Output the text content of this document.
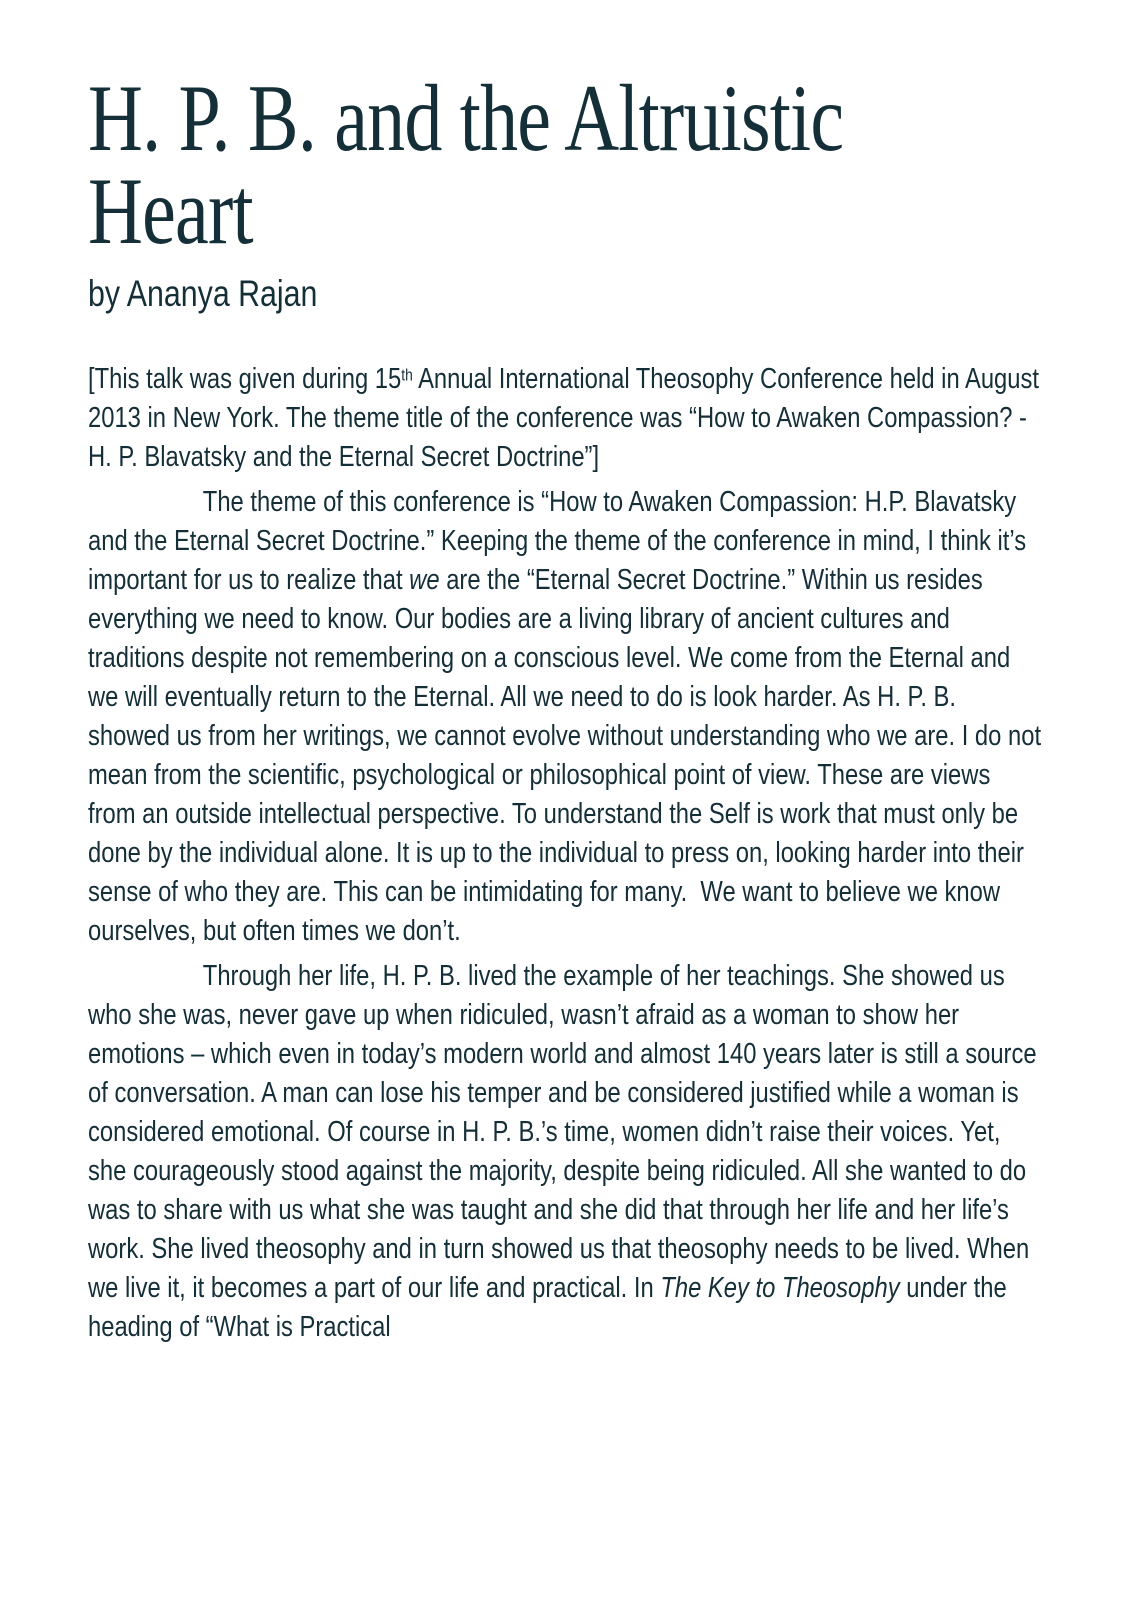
H. P. B. and the Altruistic
Heart
by Ananya Rajan

[This talk was given during 15th Annual International Theosophy Conference held in August 2013 in New York. The theme title of the conference was “How to Awaken Compassion? - H. P. Blavatsky and the Eternal Secret Doctrine”]

The theme of this conference is “How to Awaken Compassion: H.P. Blavatsky and the Eternal Secret Doctrine.” Keeping the theme of the conference in mind, I think it’s important for us to realize that we are the “Eternal Secret Doctrine.” Within us resides everything we need to know. Our bodies are a living library of ancient cultures and traditions despite not remembering on a conscious level. We come from the Eternal and we will eventually return to the Eternal. All we need to do is look harder. As H. P. B. showed us from her writings, we cannot evolve without understanding who we are. I do not mean from the scientific, psychological or philosophical point of view. These are views from an outside intellectual perspective. To understand the Self is work that must only be done by the individual alone. It is up to the individual to press on, looking harder into their sense of who they are. This can be intimidating for many.  We want to believe we know ourselves, but often times we don’t.

Through her life, H. P. B. lived the example of her teachings. She showed us who she was, never gave up when ridiculed, wasn’t afraid as a woman to show her emotions – which even in today’s modern world and almost 140 years later is still a source of conversation. A man can lose his temper and be considered justified while a woman is considered emotional. Of course in H. P. B.’s time, women didn’t raise their voices. Yet, she courageously stood against the majority, despite being ridiculed. All she wanted to do was to share with us what she was taught and she did that through her life and her life’s work. She lived theosophy and in turn showed us that theosophy needs to be lived. When we live it, it becomes a part of our life and practical. In The Key to Theosophy under the heading of “What is Practical
